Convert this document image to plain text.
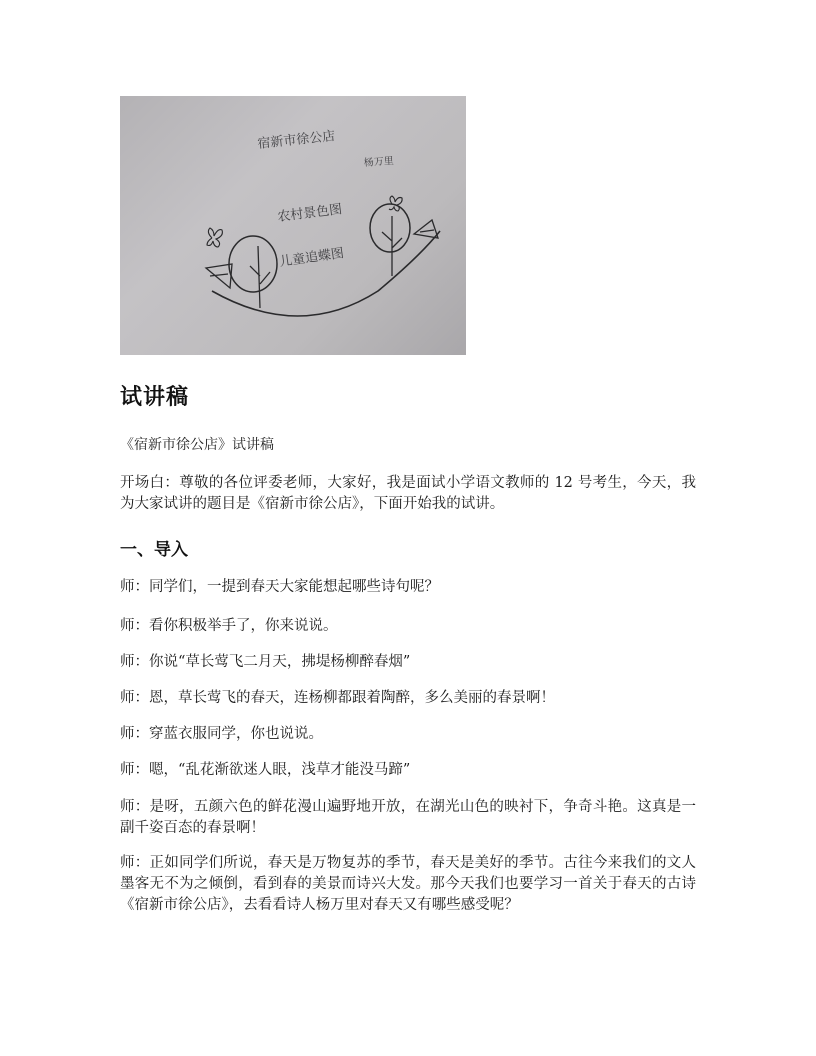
宿新市徐公店
杨万里
农村景色图
儿童追蝶图
试讲稿

《宿新市徐公店》试讲稿

开场白：尊敬的各位评委老师，大家好，我是面试小学语文教师的 12 号考生，今天，我为大家试讲的题目是《宿新市徐公店》，下面开始我的试讲。

一、导入

师：同学们，一提到春天大家能想起哪些诗句呢？

师：看你积极举手了，你来说说。

师：你说“草长莺飞二月天，拂堤杨柳醉春烟”

师：恩，草长莺飞的春天，连杨柳都跟着陶醉，多么美丽的春景啊！

师：穿蓝衣服同学，你也说说。

师：嗯，“乱花渐欲迷人眼，浅草才能没马蹄”

师：是呀，五颜六色的鲜花漫山遍野地开放，在湖光山色的映衬下，争奇斗艳。这真是一副千姿百态的春景啊！

师：正如同学们所说，春天是万物复苏的季节，春天是美好的季节。古往今来我们的文人墨客无不为之倾倒，看到春的美景而诗兴大发。那今天我们也要学习一首关于春天的古诗《宿新市徐公店》，去看看诗人杨万里对春天又有哪些感受呢？
